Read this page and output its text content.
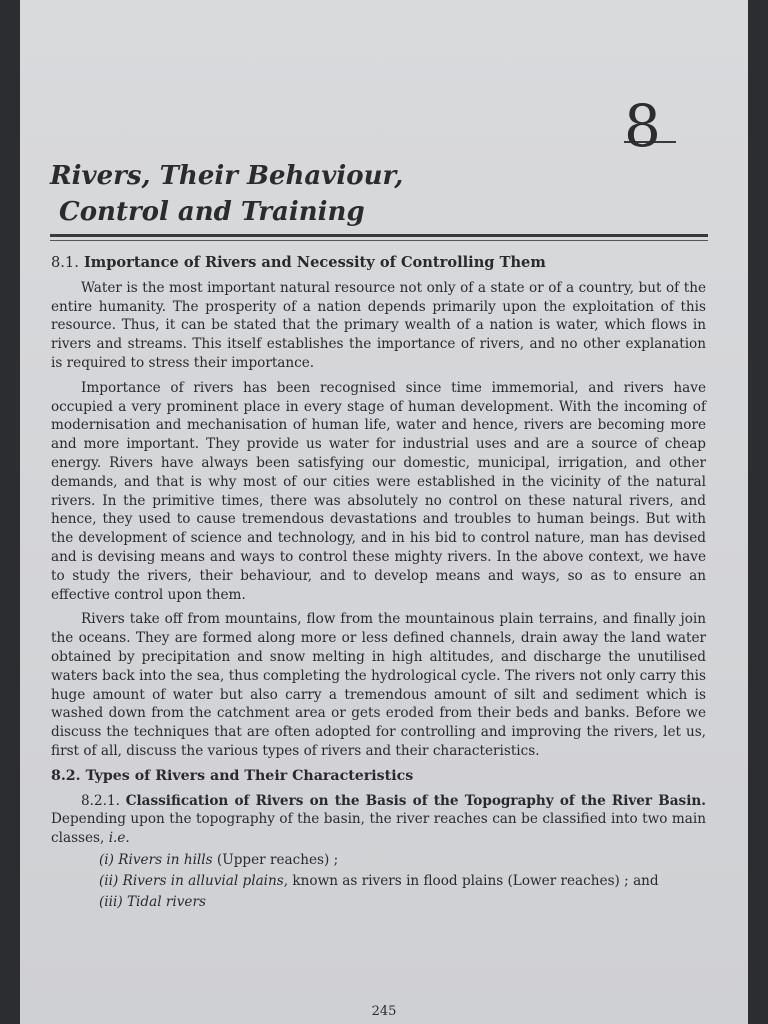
8
Rivers, Their Behaviour,
Control and Training
8.1. Importance of Rivers and Necessity of Controlling Them

Water is the most important natural resource not only of a state or of a country, but of the entire humanity. The prosperity of a nation depends primarily upon the exploitation of this resource. Thus, it can be stated that the primary wealth of a nation is water, which flows in rivers and streams. This itself establishes the importance of rivers, and no other explanation is required to stress their importance.

Importance of rivers has been recognised since time immemorial, and rivers have occupied a very prominent place in every stage of human development. With the incoming of modernisation and mechanisation of human life, water and hence, rivers are becoming more and more important. They provide us water for industrial uses and are a source of cheap energy. Rivers have always been satisfying our domestic, municipal, irrigation, and other demands, and that is why most of our cities were established in the vicinity of the natural rivers. In the primitive times, there was absolutely no control on these natural rivers, and hence, they used to cause tremendous devastations and troubles to human beings. But with the development of science and technology, and in his bid to control nature, man has devised and is devising means and ways to control these mighty rivers. In the above context, we have to study the rivers, their behaviour, and to develop means and ways, so as to ensure an effective control upon them.

Rivers take off from mountains, flow from the mountainous plain terrains, and finally join the oceans. They are formed along more or less defined channels, drain away the land water obtained by precipitation and snow melting in high altitudes, and discharge the unutilised waters back into the sea, thus completing the hydrological cycle. The rivers not only carry this huge amount of water but also carry a tremendous amount of silt and sediment which is washed down from the catchment area or gets eroded from their beds and banks. Before we discuss the techniques that are often adopted for controlling and improving the rivers, let us, first of all, discuss the various types of rivers and their characteristics.

8.2. Types of Rivers and Their Characteristics

8.2.1. Classification of Rivers on the Basis of the Topography of the River Basin. Depending upon the topography of the basin, the river reaches can be classified into two main classes, i.e.

(i) Rivers in hills (Upper reaches) ;
(ii) Rivers in alluvial plains, known as rivers in flood plains (Lower reaches) ; and
(iii) Tidal rivers
245
